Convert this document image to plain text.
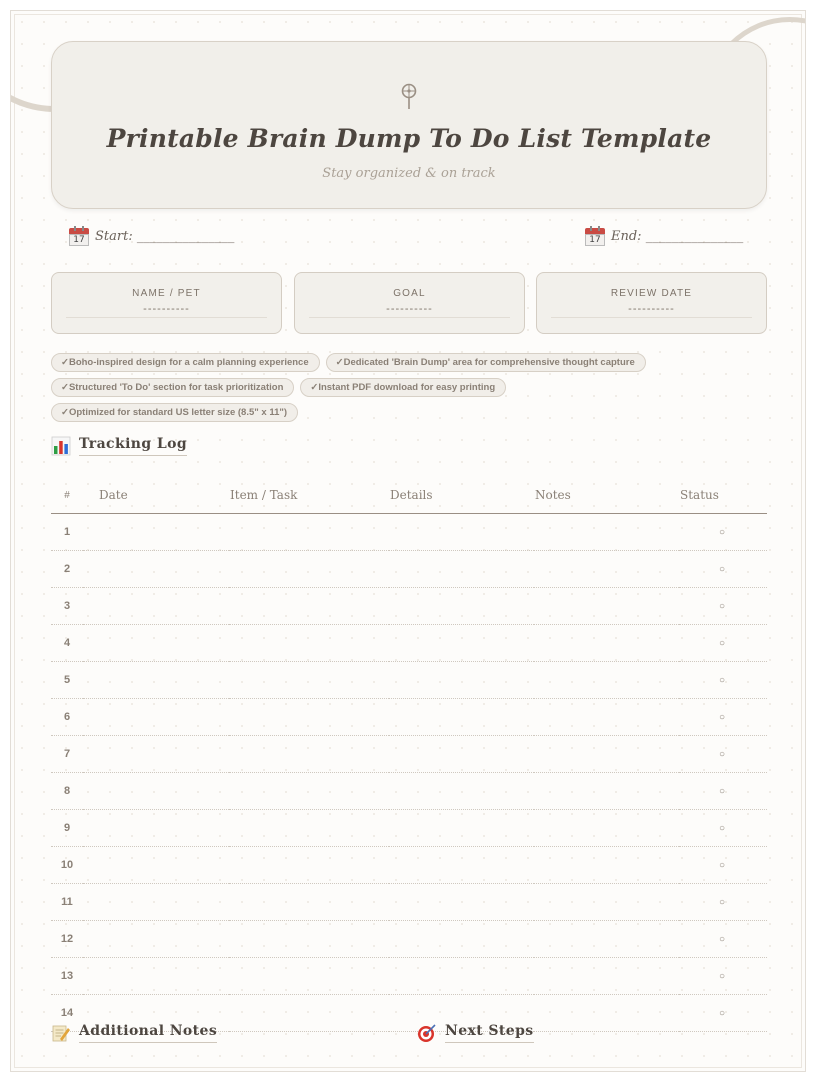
Printable Brain Dump To Do List Template
Stay organized & on track
17 Start: _______________	17 End: _______________
NAME / PET
----------
GOAL
----------
REVIEW DATE
----------
✓Boho-inspired design for a calm planning experience	✓Dedicated 'Brain Dump' area for comprehensive thought capture
✓Structured 'To Do' section for task prioritization	✓Instant PDF download for easy printing
✓Optimized for standard US letter size (8.5" x 11")
Tracking Log
#	Date	Item / Task	Details	Notes	Status
1					○
2					○
3					○
4					○
5					○
6					○
7					○
8					○
9					○
10					○
11					○
12					○
13					○
14					○
Additional Notes	Next Steps
